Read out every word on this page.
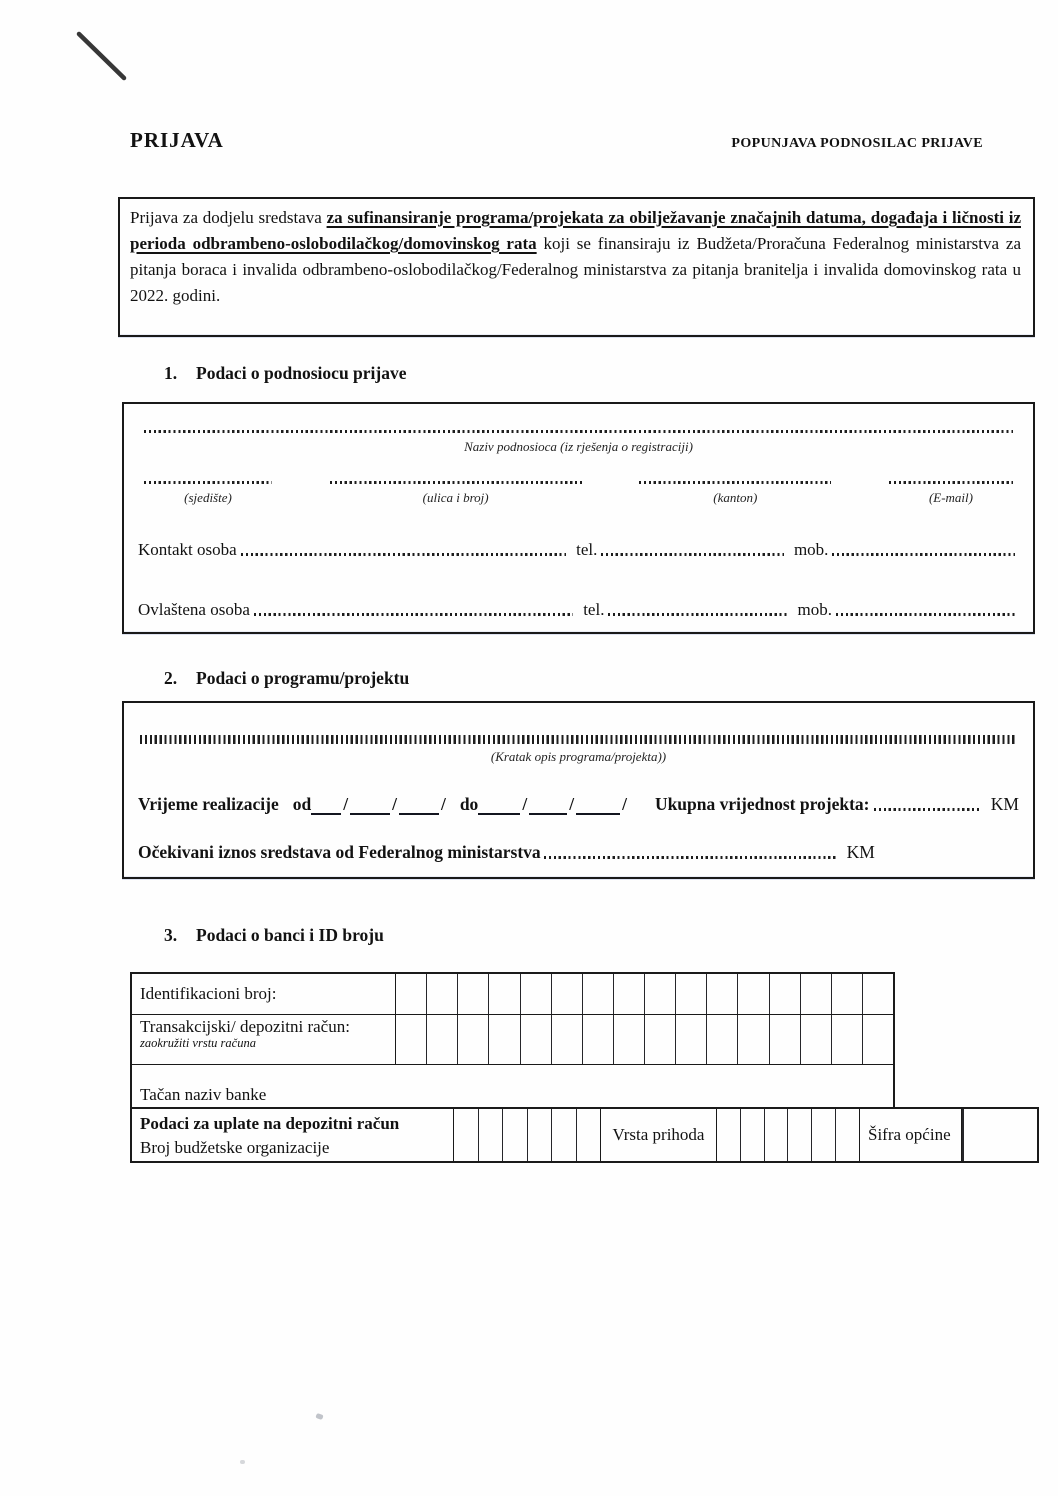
PRIJAVA	POPUNJAVA PODNOSILAC PRIJAVE
Prijava za dodjelu sredstava za sufinansiranje programa/projekata za obilježavanje značajnih datuma, događaja i ličnosti iz perioda odbrambeno-oslobodilačkog/domovinskog rata koji se finansiraju iz Budžeta/Proračuna Federalnog ministarstva za pitanja boraca i invalida odbrambeno-oslobodilačkog/Federalnog ministarstva za pitanja branitelja i invalida domovinskog rata u 2022. godini.
1.	Podaci o podnosiocu prijave
Naziv podnosioca (iz rješenja o registraciji)
(sjedište)	(ulica i broj)	(kanton)	(E-mail)
Kontakt osoba	tel.	mob.
Ovlaštena osoba	tel.	mob.
2.	Podaci o programu/projektu
(Kratak opis programa/projekta))
Vrijeme realizacije od /	/	/ do	/ /	/ Ukupna vrijednost projekta:	KM
Očekivani iznos sredstava od Federalnog ministarstva	KM
3.	Podaci o banci i ID broju
Identifikacioni broj:
Transakcijski/ depozitni račun:
zaokružiti vrstu računa
Tačan naziv banke
Podaci za uplate na depozitni račun
Broj budžetske organizacije
Vrsta prihoda	Šifra općine
